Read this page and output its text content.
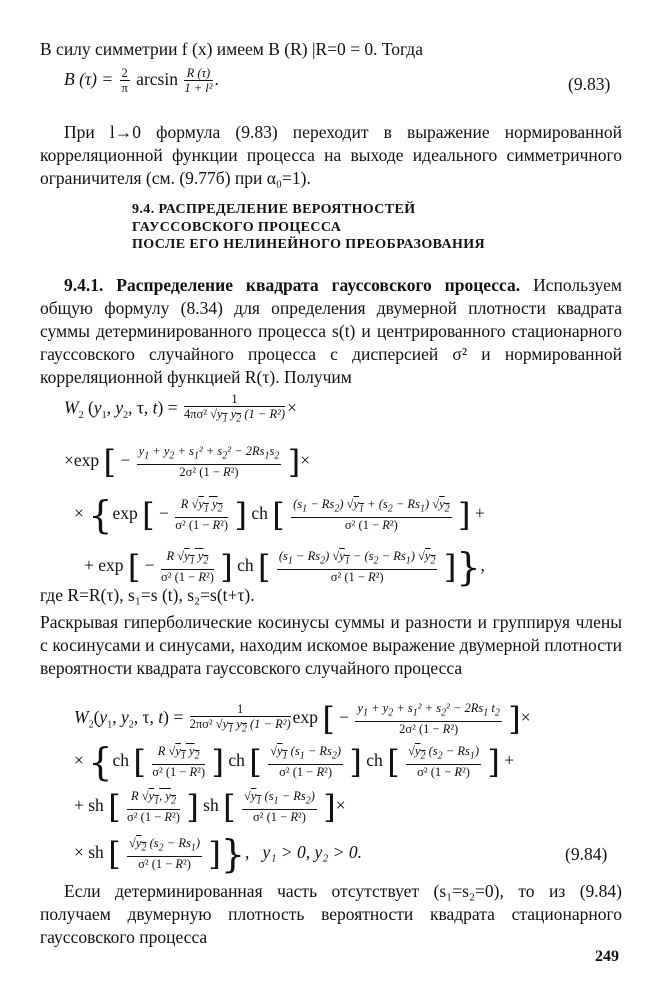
В силу симметрии f (x) имеем B (R) |R=0 = 0. Тогда

B $(\tau) = \frac{2}{\pi}$ $\arcsin \frac{R (\tau)}{\text{1 + l²}}$ .	(9.83)

При l→0 формула (9.83) переходит в выражение нормированной корреляционной функции процесса на выходе идеального симметричного ограничителя (см. (9.77б) при α₀=1).

9.4. РАСПРЕДЕЛЕНИЕ ВЕРОЯТНОСТЕЙ
ГАУССОВСКОГО ПРОЦЕССА
ПОСЛЕ ЕГО НЕЛИНЕЙНОГО ПРЕОБРАЗОВАНИЯ

9.4.1. Распределение квадрата гауссовского процесса. Используем общую формулу (8.34) для определения двумерной плотности квадрата суммы детерминированного процесса s(t) и центрированного стационарного гауссовского случайного процесса с дисперсией σ² и нормированной корреляционной функцией R(τ). Получим

$W_2$ ($y_1$, $y_2$, τ, $t) = \frac{1}{4\pi\sigma^2 √y_1 y_2 (1 - R^2)}$ ×
×exp [ − $\frac{y_1 + y_2 + s_1^2 + s_2^2 - 2Rs_1s_2}{\text{2σ² (1 − R²)}}$ ]×
× {exp [ − $\frac{R √y_1 y_2}{\text{σ² (1 − R²)}}$ ] ch [ $\frac{(s_1 - Rs_2) √y_1 + (s_2 - Rs_1) √y_2}{\text{σ² (1 − R²)}}$ ] +
+ exp [ − $\frac{R √y_1 y_2}{\text{σ² (1 − R²)}}$ ] ch [ $\frac{(s_1 - Rs_2) √y_1 - (s_2 - Rs_1) √y_2}{\text{σ² (1 − R²)}}$ ]},

где R=R(τ), s₁=s (t), s₂=s(t+τ).

Раскрывая гиперболические косинусы суммы и разности и группируя члены с косинусами и синусами, находим искомое выражение двумерной плотности вероятности квадрата гауссовского случайного процесса

$W_2(y_1$, $y_2$, τ, $t) = \frac{1}{2\pi\sigma^2 √y_1 y_2 (1 - R^2)}$ exp [ − $\frac{y_1 + y_2 + s_1^2 + s_2^2 - 2Rs_1 t_2}{\text{2σ² (1 − R²)}}$ ]×
× {ch [ $\frac{R √y_1 y_2}{\text{σ² (1 − R²)}}$ ] ch [ $\frac{√y_1 (s_1 - Rs_2)}{\text{σ² (1 − R²)}}$ ] ch [ $\frac{√y_2 (s_2 - Rs_1)}{\text{σ² (1 − R²)}}$ ] +
+ sh [ $\frac{R √y_1, y_2}{\text{σ² (1 − R²)}}$ ] sh [ $\frac{√y_1 (s_1 - Rs_2)}{\text{σ² (1 − R²)}}$ ]×
× sh [ $\frac{√y_2 (s_2 - Rs_1)}{\text{σ² (1 − R²)}}$ ]},   y₁ > 0, y₂ > 0.	(9.84)

Если детерминированная часть отсутствует (s₁=s₂=0), то из (9.84) получаем двумерную плотность вероятности квадрата стационарного гауссовского процесса

249
